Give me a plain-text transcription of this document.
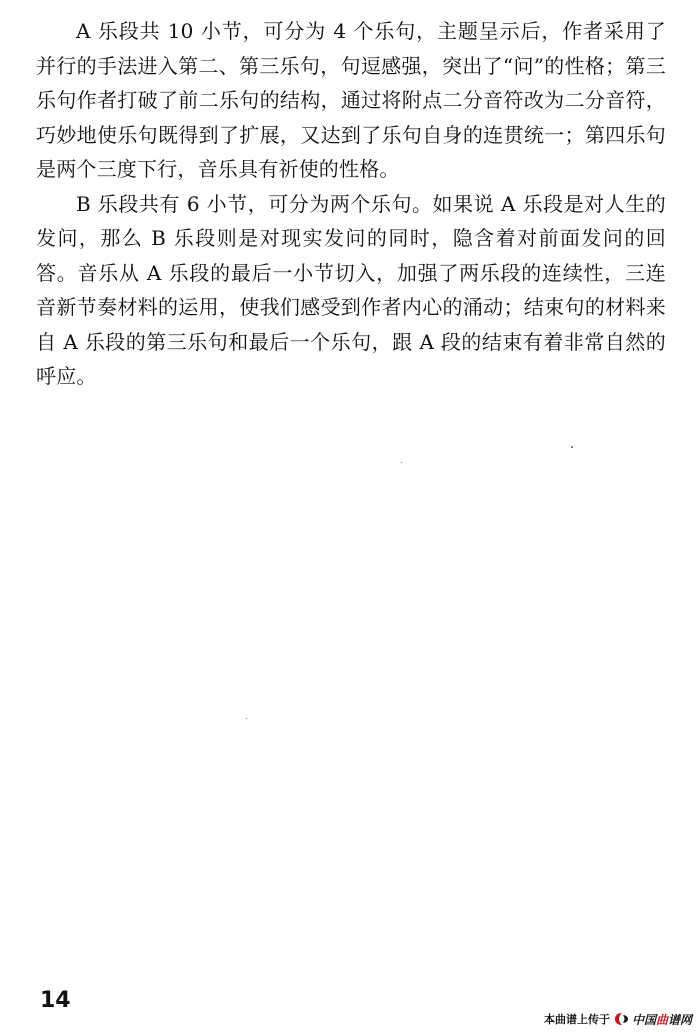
A 乐段共 10 小节，可分为 4 个乐句，主题呈示后，作者采用了并行的手法进入第二、第三乐句，句逗感强，突出了“问”的性格；第三乐句作者打破了前二乐句的结构，通过将附点二分音符改为二分音符，巧妙地使乐句既得到了扩展，又达到了乐句自身的连贯统一；第四乐句是两个三度下行，音乐具有祈使的性格。

B 乐段共有 6 小节，可分为两个乐句。如果说 A 乐段是对人生的发问，那么 B 乐段则是对现实发问的同时，隐含着对前面发问的回答。音乐从 A 乐段的最后一小节切入，加强了两乐段的连续性，三连音新节奏材料的运用，使我们感受到作者内心的涌动；结束句的材料来自 A 乐段的第三乐句和最后一个乐句，跟 A 段的结束有着非常自然的呼应。

14
本曲谱上传于 中国曲谱网
